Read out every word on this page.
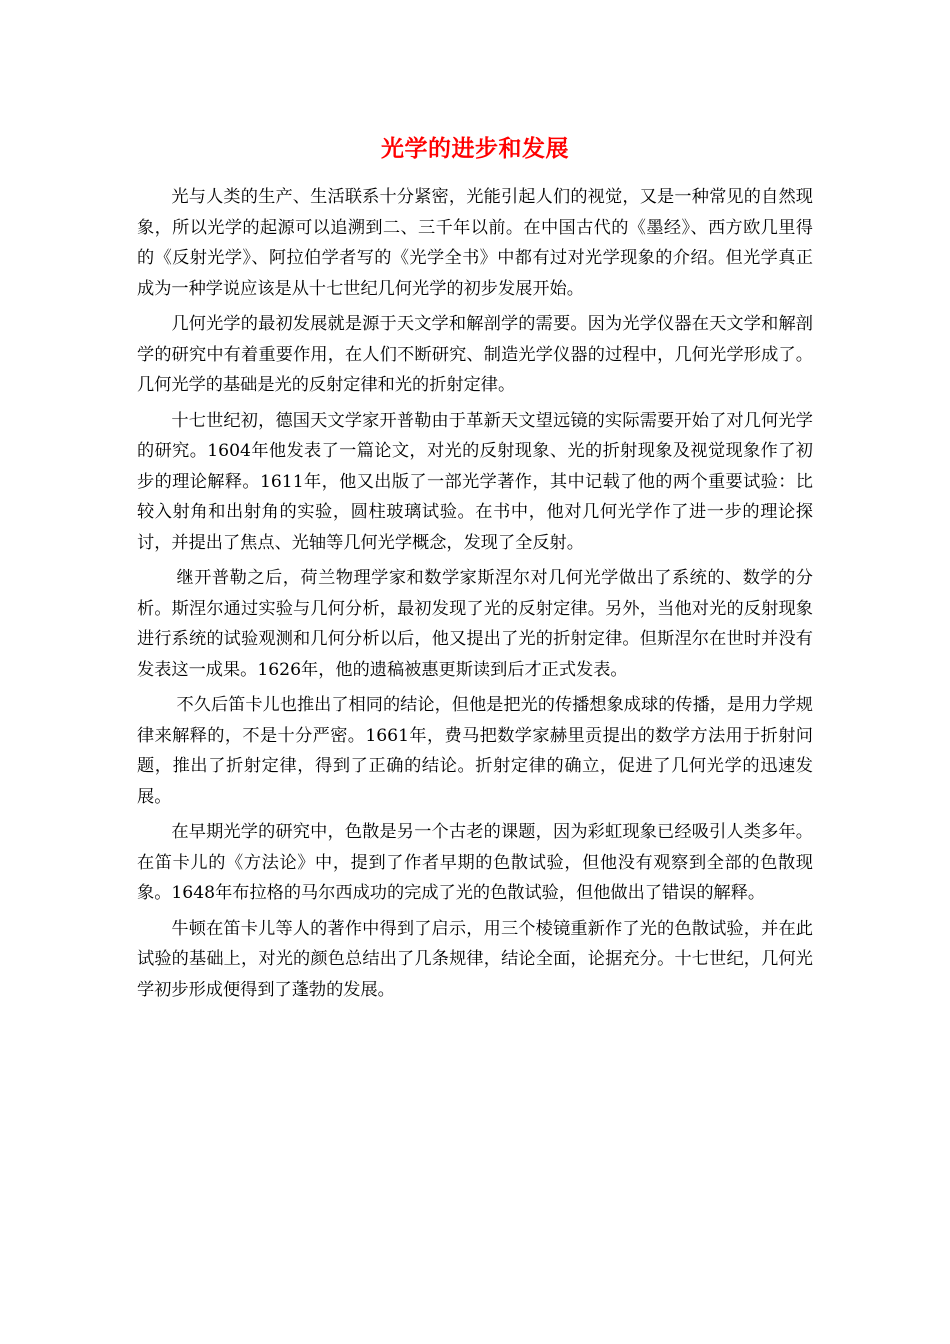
光学的进步和发展

光与人类的生产、生活联系十分紧密，光能引起人们的视觉，又是一种常见的自然现象，所以光学的起源可以追溯到二、三千年以前。在中国古代的《墨经》、西方欧几里得的《反射光学》、阿拉伯学者写的《光学全书》中都有过对光学现象的介绍。但光学真正成为一种学说应该是从十七世纪几何光学的初步发展开始。

几何光学的最初发展就是源于天文学和解剖学的需要。因为光学仪器在天文学和解剖学的研究中有着重要作用，在人们不断研究、制造光学仪器的过程中，几何光学形成了。几何光学的基础是光的反射定律和光的折射定律。

十七世纪初，德国天文学家开普勒由于革新天文望远镜的实际需要开始了对几何光学的研究。1604年他发表了一篇论文，对光的反射现象、光的折射现象及视觉现象作了初步的理论解释。1611年，他又出版了一部光学著作，其中记载了他的两个重要试验：比较入射角和出射角的实验，圆柱玻璃试验。在书中，他对几何光学作了进一步的理论探讨，并提出了焦点、光轴等几何光学概念，发现了全反射。

继开普勒之后，荷兰物理学家和数学家斯涅尔对几何光学做出了系统的、数学的分析。斯涅尔通过实验与几何分析，最初发现了光的反射定律。另外，当他对光的反射现象进行系统的试验观测和几何分析以后，他又提出了光的折射定律。但斯涅尔在世时并没有发表这一成果。1626年，他的遗稿被惠更斯读到后才正式发表。

不久后笛卡儿也推出了相同的结论，但他是把光的传播想象成球的传播，是用力学规律来解释的，不是十分严密。1661年，费马把数学家赫里贡提出的数学方法用于折射问题，推出了折射定律，得到了正确的结论。折射定律的确立，促进了几何光学的迅速发展。

在早期光学的研究中，色散是另一个古老的课题，因为彩虹现象已经吸引人类多年。在笛卡儿的《方法论》中，提到了作者早期的色散试验，但他没有观察到全部的色散现象。1648年布拉格的马尔西成功的完成了光的色散试验，但他做出了错误的解释。

牛顿在笛卡儿等人的著作中得到了启示，用三个棱镜重新作了光的色散试验，并在此试验的基础上，对光的颜色总结出了几条规律，结论全面，论据充分。十七世纪，几何光学初步形成便得到了蓬勃的发展。
